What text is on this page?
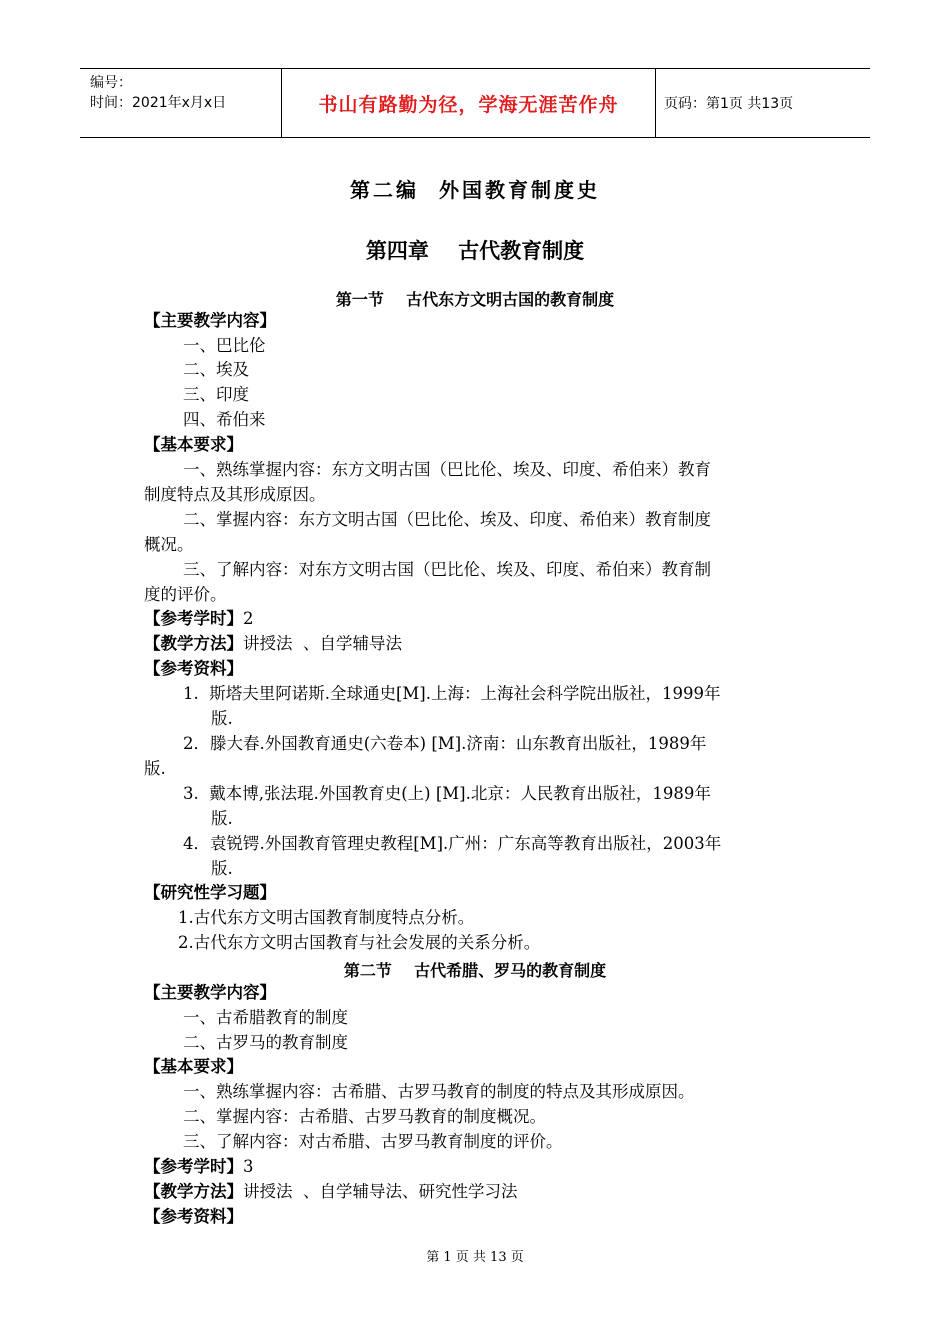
编号：
时间：2021年x月x日	书山有路勤为径，学海无涯苦作舟	页码：第1页 共13页
第二编  外国教育制度史
第四章    古代教育制度
第一节    古代东方文明古国的教育制度
【主要教学内容】
一、巴比伦
二、埃及
三、印度
四、希伯来
【基本要求】
一、熟练掌握内容：东方文明古国（巴比伦、埃及、印度、希伯来）教育
制度特点及其形成原因。
二、掌握内容：东方文明古国（巴比伦、埃及、印度、希伯来）教育制度
概况。
三、了解内容：对东方文明古国（巴比伦、埃及、印度、希伯来）教育制
度的评价。
【参考学时】2
【教学方法】讲授法  、自学辅导法
【参考资料】
1.  斯塔夫里阿诺斯.全球通史[M].上海：上海社会科学院出版社，1999年
版.
2．滕大春.外国教育通史(六卷本) [M].济南：山东教育出版社，1989年
版.
3.  戴本博,张法琨.外国教育史(上) [M].北京：人民教育出版社，1989年
版.
4．袁锐锷.外国教育管理史教程[M].广州：广东高等教育出版社，2003年
版.
【研究性学习题】
1.古代东方文明古国教育制度特点分析。
2.古代东方文明古国教育与社会发展的关系分析。
第二节    古代希腊、罗马的教育制度
【主要教学内容】
一、古希腊教育的制度
二、古罗马的教育制度
【基本要求】
一、熟练掌握内容：古希腊、古罗马教育的制度的特点及其形成原因。
二、掌握内容：古希腊、古罗马教育的制度概况。
三、了解内容：对古希腊、古罗马教育制度的评价。
【参考学时】3
【教学方法】讲授法  、自学辅导法、研究性学习法
【参考资料】
第 1 页 共 13 页
